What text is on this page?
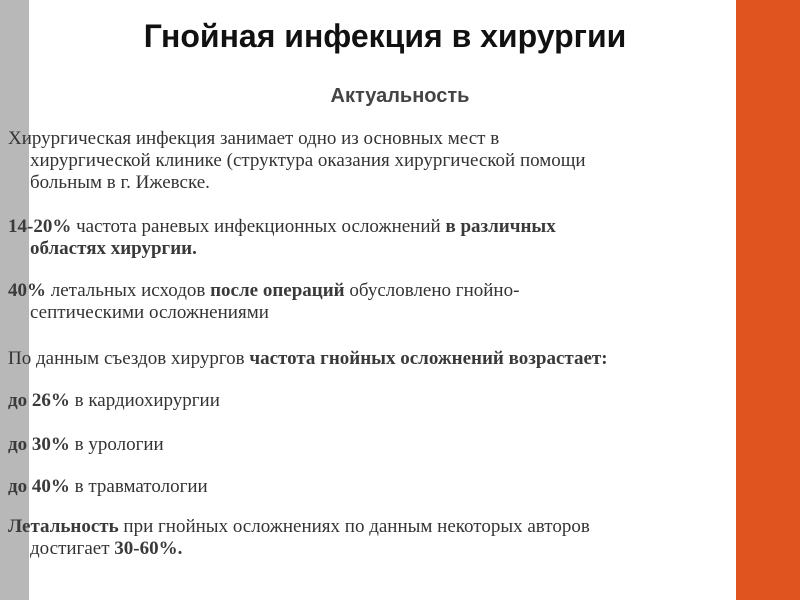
Гнойная инфекция в хирургии
Актуальность
Хирургическая инфекция занимает одно из основных мест в
хирургической клинике (структура оказания хирургической помощи
больным в г. Ижевске.
14-20% частота раневых инфекционных осложнений в различных
областях хирургии.
40% летальных исходов после операций обусловлено гнойно-
септическими осложнениями
По данным съездов хирургов частота гнойных осложнений возрастает:
до 26% в кардиохирургии
до 30% в урологии
до 40% в травматологии
Летальность при гнойных осложнениях по данным некоторых авторов
достигает 30-60%.
